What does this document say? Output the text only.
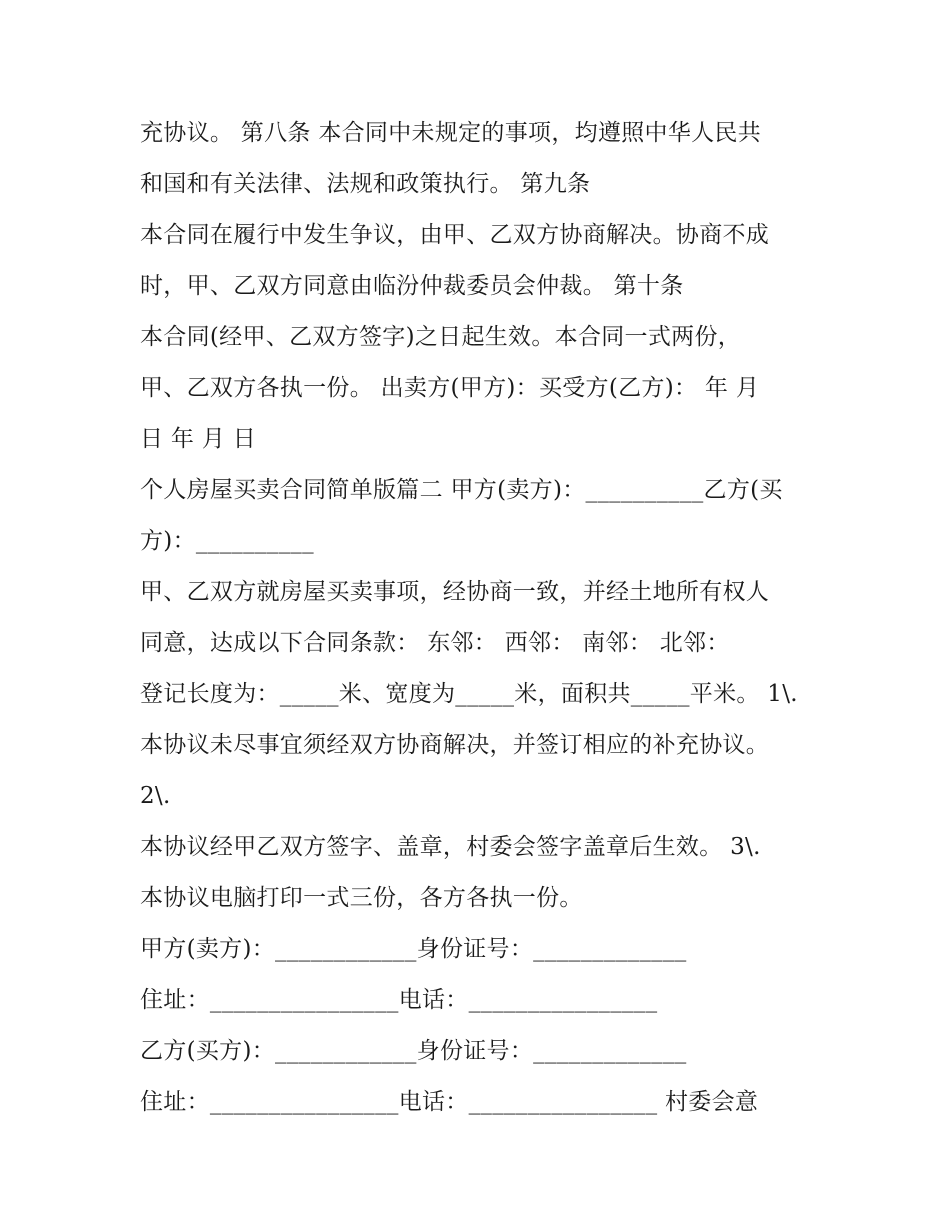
充协议。 第八条 本合同中未规定的事项，均遵照中华人民共
和国和有关法律、法规和政策执行。 第九条
本合同在履行中发生争议，由甲、乙双方协商解决。协商不成
时，甲、乙双方同意由临汾仲裁委员会仲裁。 第十条
本合同(经甲、乙双方签字)之日起生效。本合同一式两份，
甲、乙双方各执一份。 出卖方(甲方)：买受方(乙方)： 年 月
日 年 月 日
个人房屋买卖合同简单版篇二 甲方(卖方)：__________乙方(买
方)：__________
甲、乙双方就房屋买卖事项，经协商一致，并经土地所有权人
同意，达成以下合同条款： 东邻： 西邻： 南邻： 北邻：
登记长度为：_____米、宽度为_____米，面积共_____平米。 1\.
本协议未尽事宜须经双方协商解决，并签订相应的补充协议。
2\.
本协议经甲乙双方签字、盖章，村委会签字盖章后生效。 3\.
本协议电脑打印一式三份，各方各执一份。
甲方(卖方)：____________身份证号：_____________
住址：________________电话：________________
乙方(买方)：____________身份证号：_____________
住址：________________电话：________________ 村委会意
